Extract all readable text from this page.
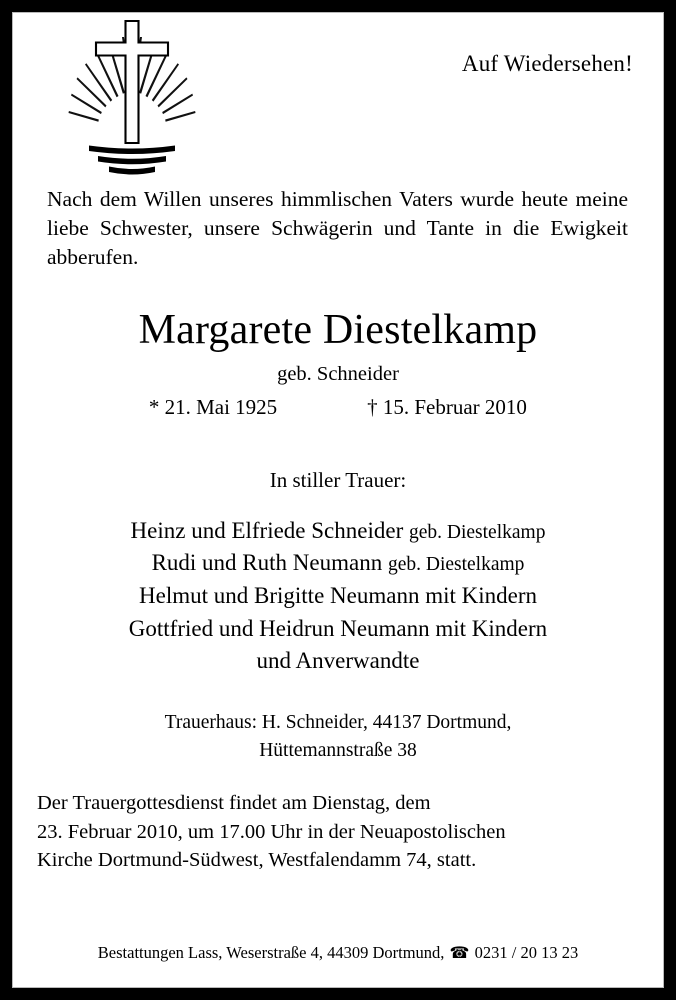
Auf Wiedersehen!

Nach dem Willen unseres himmlischen Vaters wurde heute meine liebe Schwester, unsere Schwägerin und Tante in die Ewigkeit abberufen.

Margarete Diestelkamp
geb. Schneider
* 21. Mai 1925	† 15. Februar 2010
In stiller Trauer:
Heinz und Elfriede Schneider geb. Diestelkamp
Rudi und Ruth Neumann geb. Diestelkamp
Helmut und Brigitte Neumann mit Kindern
Gottfried und Heidrun Neumann mit Kindern
und Anverwandte
Trauerhaus: H. Schneider, 44137 Dortmund,
Hüttemannstraße 38
Der Trauergottesdienst findet am Dienstag, dem
23. Februar 2010, um 17.00 Uhr in der Neuapostolischen
Kirche Dortmund-Südwest, Westfalendamm 74, statt.
Bestattungen Lass, Weserstraße 4, 44309 Dortmund, ☎ 0231 / 20 13 23
